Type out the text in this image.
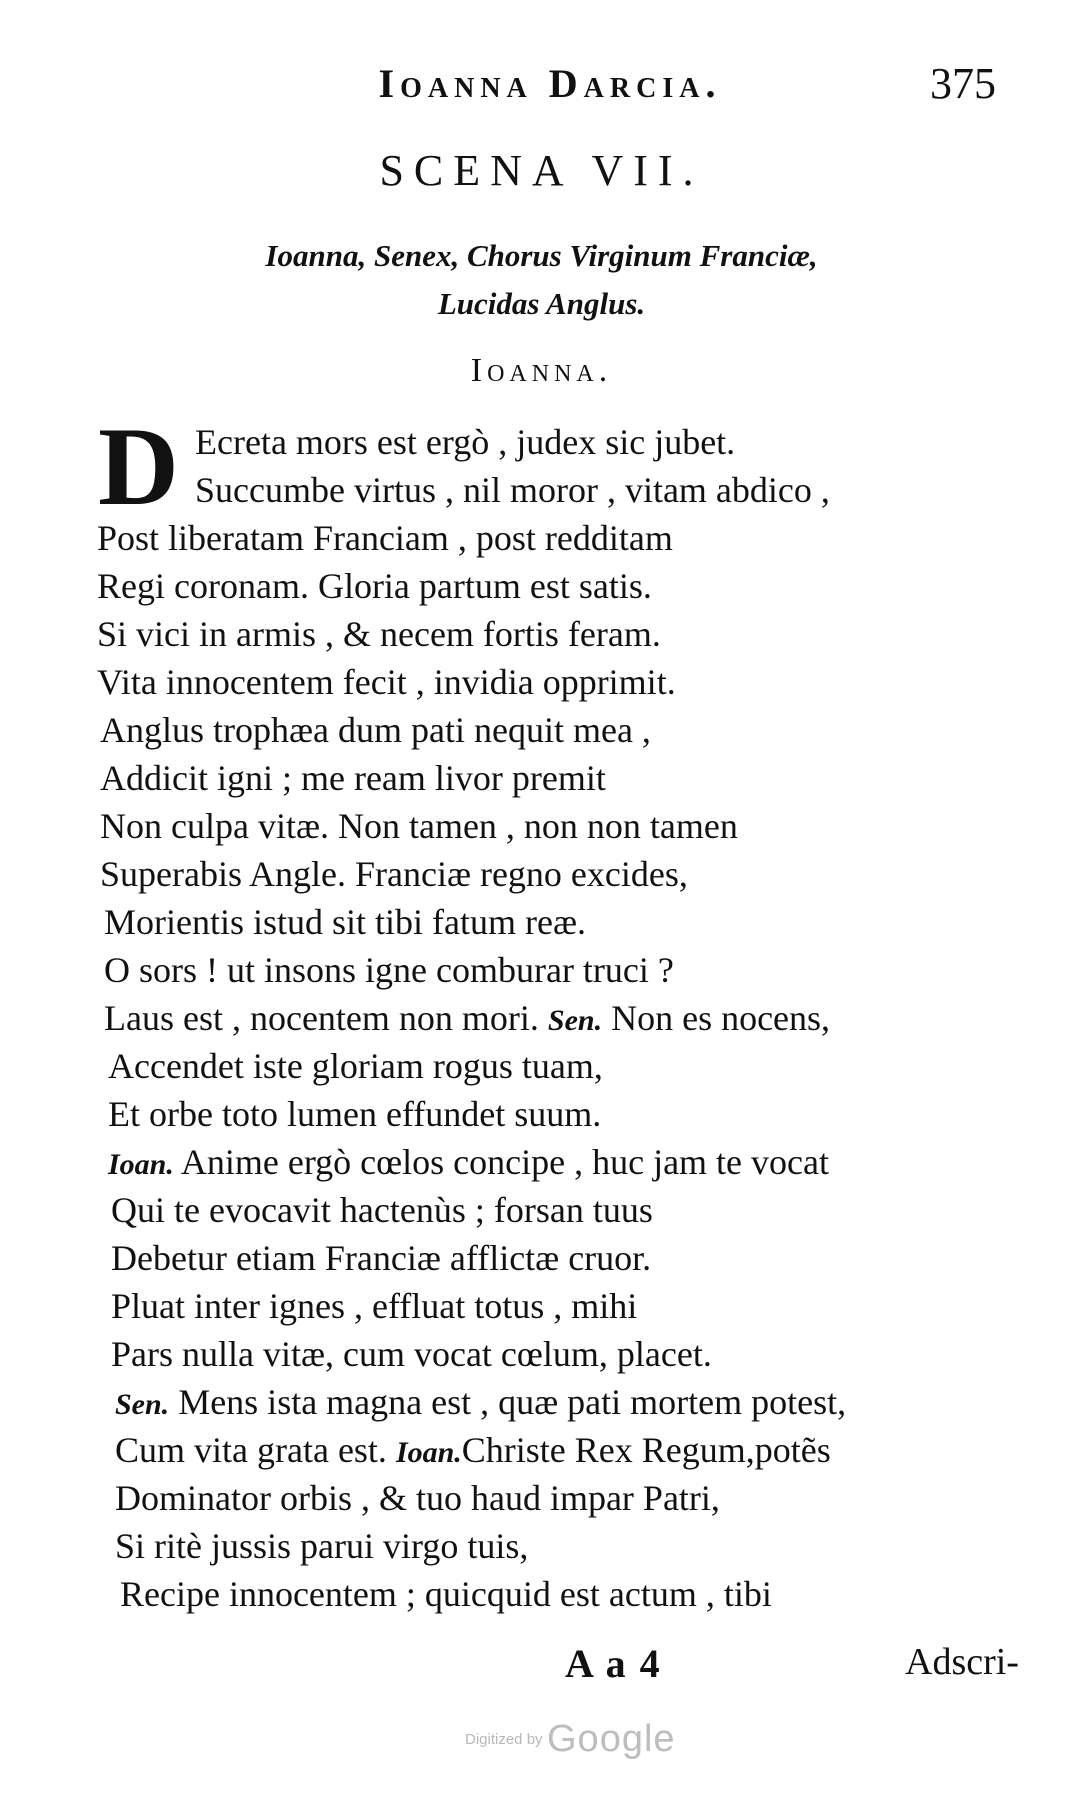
Ioanna Darcia.	375
SCENA VII.
Ioanna, Senex, Chorus Virginum Franciæ,
Lucidas Anglus.
Ioanna.
D Ecreta mors est ergò , judex sic jubet.
Succumbe virtus , nil moror , vitam abdico ,
Post liberatam Franciam , post redditam
Regi coronam. Gloria partum est satis.
Si vici in armis , & necem fortis feram.
Vita innocentem fecit , invidia opprimit.
Anglus trophæa dum pati nequit mea ,
Addicit igni ; me ream livor premit
Non culpa vitæ. Non tamen , non non tamen
Superabis Angle. Franciæ regno excides,
Morientis istud sit tibi fatum reæ.
O sors ! ut insons igne comburar truci ?
Laus est , nocentem non mori. Sen. Non es nocens,
Accendet iste gloriam rogus tuam,
Et orbe toto lumen effundet suum.
Ioan. Anime ergò cœlos concipe , huc jam te vocat
Qui te evocavit hactenùs ; forsan tuus
Debetur etiam Franciæ afflictæ cruor.
Pluat inter ignes , effluat totus , mihi
Pars nulla vitæ, cum vocat cœlum, placet.
Sen. Mens ista magna est , quæ pati mortem potest,
Cum vita grata est. Ioan.Christe Rex Regum,potẽs
Dominator orbis , & tuo haud impar Patri,
Si ritè jussis parui virgo tuis,
Recipe innocentem ; quicquid est actum , tibi
A a 4	Adscri-
Digitized by Google
